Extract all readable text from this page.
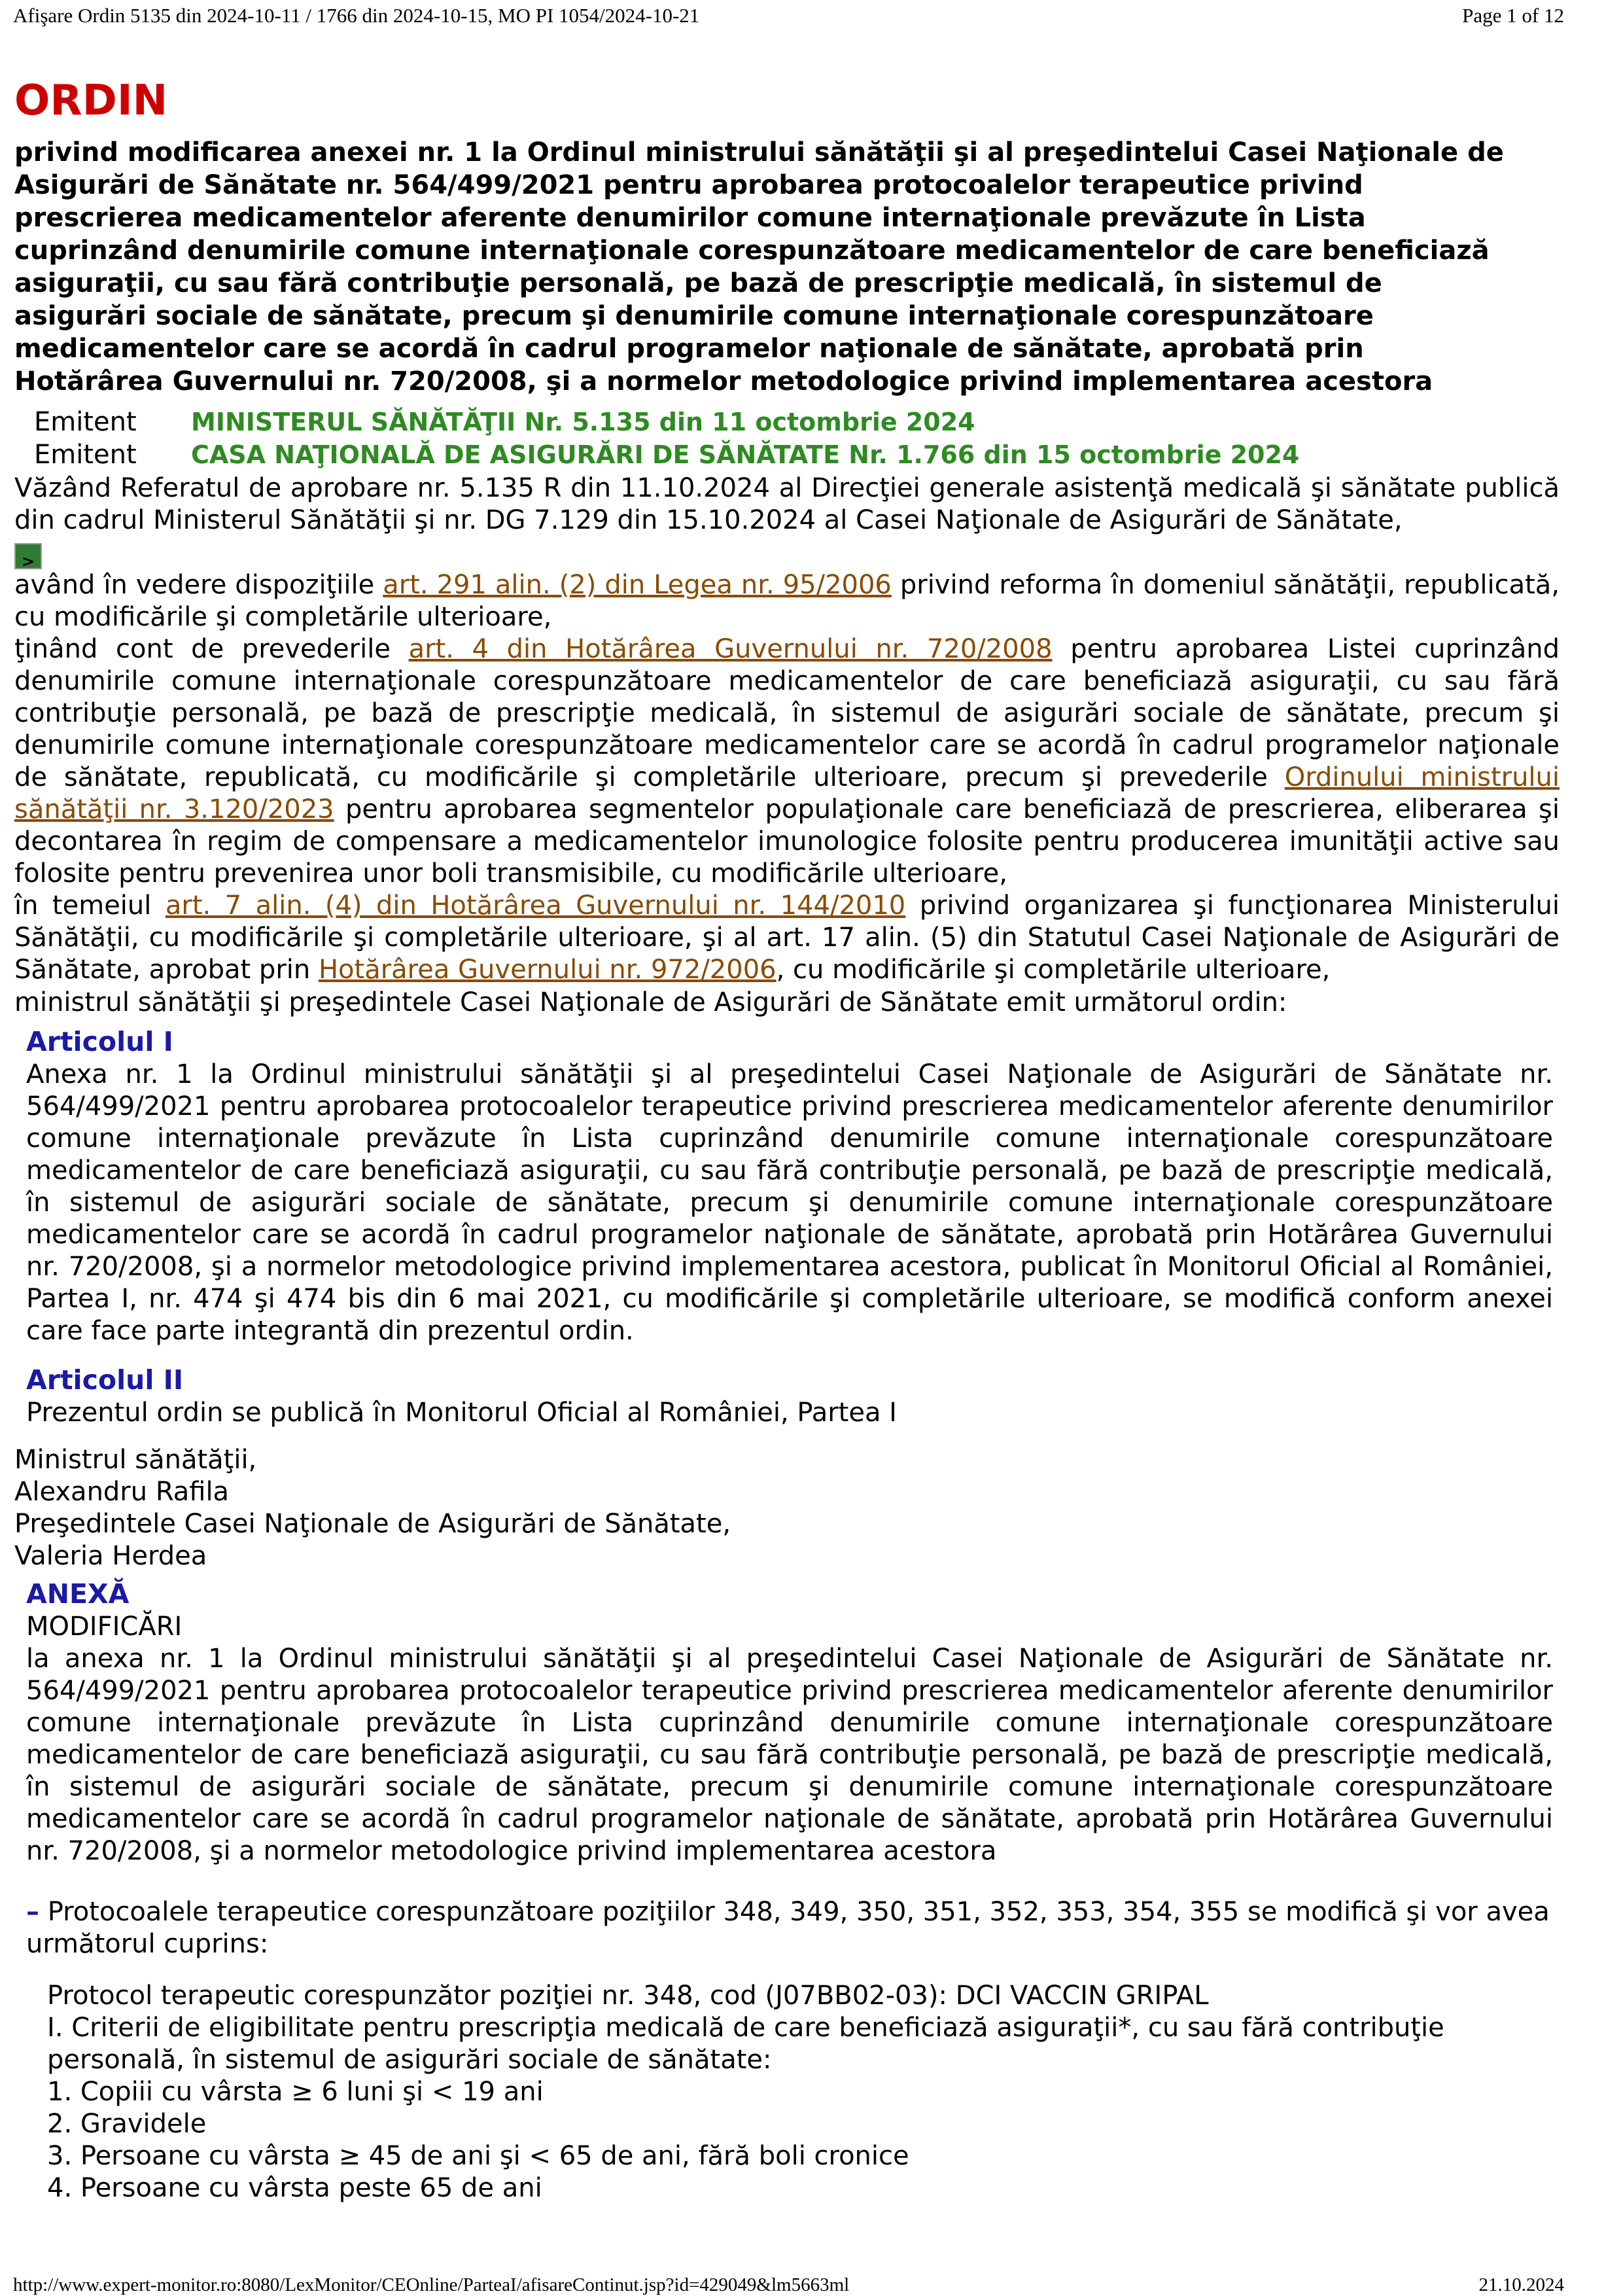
Afişare Ordin 5135 din 2024-10-11 / 1766 din 2024-10-15, MO PI 1054/2024-10-21	Page 1 of 12
ORDIN

privind modificarea anexei nr. 1 la Ordinul ministrului sănătăţii şi al preşedintelui Casei Naţionale de Asigurări de Sănătate nr. 564/499/2021 pentru aprobarea protocoalelor terapeutice privind prescrierea medicamentelor aferente denumirilor comune internaţionale prevăzute în Lista cuprinzând denumirile comune internaţionale corespunzătoare medicamentelor de care beneficiază asiguraţii, cu sau fără contribuţie personală, pe bază de prescripţie medicală, în sistemul de asigurări sociale de sănătate, precum şi denumirile comune internaţionale corespunzătoare medicamentelor care se acordă în cadrul programelor naţionale de sănătate, aprobată prin Hotărârea Guvernului nr. 720/2008, şi a normelor metodologice privind implementarea acestora

Emitent MINISTERUL SĂNĂTĂŢII Nr. 5.135 din 11 octombrie 2024
Emitent CASA NAŢIONALĂ DE ASIGURĂRI DE SĂNĂTATE Nr. 1.766 din 15 octombrie 2024

Văzând Referatul de aprobare nr. 5.135 R din 11.10.2024 al Direcţiei generale asistenţă medicală şi sănătate publică din cadrul Ministerul Sănătăţii şi nr. DG 7.129 din 15.10.2024 al Casei Naţionale de Asigurări de Sănătate,

>

având în vedere dispoziţiile art. 291 alin. (2) din Legea nr. 95/2006 privind reforma în domeniul sănătăţii, republicată, cu modificările şi completările ulterioare,

ţinând cont de prevederile art. 4 din Hotărârea Guvernului nr. 720/2008 pentru aprobarea Listei cuprinzând denumirile comune internaţionale corespunzătoare medicamentelor de care beneficiază asiguraţii, cu sau fără contribuţie personală, pe bază de prescripţie medicală, în sistemul de asigurări sociale de sănătate, precum şi denumirile comune internaţionale corespunzătoare medicamentelor care se acordă în cadrul programelor naţionale de sănătate, republicată, cu modificările şi completările ulterioare, precum şi prevederile Ordinului ministrului sănătăţii nr. 3.120/2023 pentru aprobarea segmentelor populaţionale care beneficiază de prescrierea, eliberarea şi decontarea în regim de compensare a medicamentelor imunologice folosite pentru producerea imunităţii active sau folosite pentru prevenirea unor boli transmisibile, cu modificările ulterioare,

în temeiul art. 7 alin. (4) din Hotărârea Guvernului nr. 144/2010 privind organizarea şi funcţionarea Ministerului Sănătăţii, cu modificările şi completările ulterioare, şi al art. 17 alin. (5) din Statutul Casei Naţionale de Asigurări de Sănătate, aprobat prin Hotărârea Guvernului nr. 972/2006, cu modificările şi completările ulterioare,

ministrul sănătăţii şi preşedintele Casei Naţionale de Asigurări de Sănătate emit următorul ordin:

Articolul I

Anexa nr. 1 la Ordinul ministrului sănătăţii şi al preşedintelui Casei Naţionale de Asigurări de Sănătate nr. 564/499/2021 pentru aprobarea protocoalelor terapeutice privind prescrierea medicamentelor aferente denumirilor comune internaţionale prevăzute în Lista cuprinzând denumirile comune internaţionale corespunzătoare medicamentelor de care beneficiază asiguraţii, cu sau fără contribuţie personală, pe bază de prescripţie medicală, în sistemul de asigurări sociale de sănătate, precum şi denumirile comune internaţionale corespunzătoare medicamentelor care se acordă în cadrul programelor naţionale de sănătate, aprobată prin Hotărârea Guvernului nr. 720/2008, şi a normelor metodologice privind implementarea acestora, publicat în Monitorul Oficial al României, Partea I, nr. 474 şi 474 bis din 6 mai 2021, cu modificările şi completările ulterioare, se modifică conform anexei care face parte integrantă din prezentul ordin.

Articolul II

Prezentul ordin se publică în Monitorul Oficial al României, Partea I

Ministrul sănătăţii,
Alexandru Rafila
Preşedintele Casei Naţionale de Asigurări de Sănătate,
Valeria Herdea
ANEXĂ

MODIFICĂRI

la anexa nr. 1 la Ordinul ministrului sănătăţii şi al preşedintelui Casei Naţionale de Asigurări de Sănătate nr. 564/499/2021 pentru aprobarea protocoalelor terapeutice privind prescrierea medicamentelor aferente denumirilor comune internaţionale prevăzute în Lista cuprinzând denumirile comune internaţionale corespunzătoare medicamentelor de care beneficiază asiguraţii, cu sau fără contribuţie personală, pe bază de prescripţie medicală, în sistemul de asigurări sociale de sănătate, precum şi denumirile comune internaţionale corespunzătoare medicamentelor care se acordă în cadrul programelor naţionale de sănătate, aprobată prin Hotărârea Guvernului nr. 720/2008, şi a normelor metodologice privind implementarea acestora

– Protocoalele terapeutice corespunzătoare poziţiilor 348, 349, 350, 351, 352, 353, 354, 355 se modifică şi vor avea următorul cuprins:

Protocol terapeutic corespunzător poziţiei nr. 348, cod (J07BB02-03): DCI VACCIN GRIPAL

I. Criterii de eligibilitate pentru prescripţia medicală de care beneficiază asiguraţii*, cu sau fără contribuţie personală, în sistemul de asigurări sociale de sănătate:

1. Copiii cu vârsta ≥ 6 luni şi < 19 ani
2. Gravidele
3. Persoane cu vârsta ≥ 45 de ani şi < 65 de ani, fără boli cronice
4. Persoane cu vârsta peste 65 de ani
http://www.expert-monitor.ro:8080/LexMonitor/CEOnline/ParteaI/afisareContinut.jsp?id=429049&lm5663ml	21.10.2024
